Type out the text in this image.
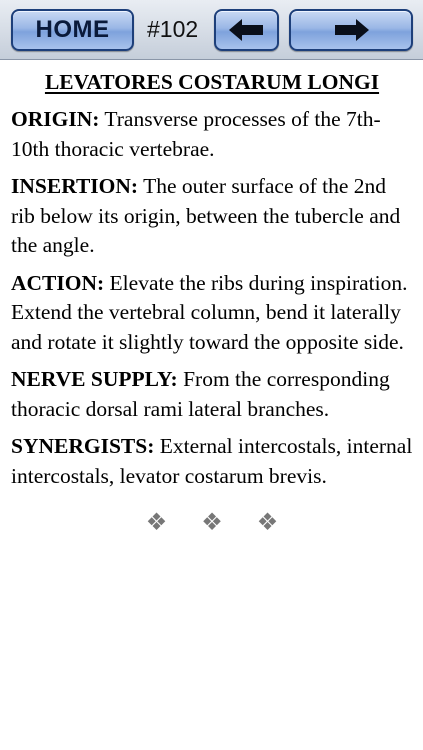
HOME #102
LEVATORES COSTARUM LONGI

ORIGIN: Transverse processes of the 7th-10th thoracic vertebrae.

INSERTION: The outer surface of the 2nd rib below its origin, between the tubercle and the angle.

ACTION: Elevate the ribs during inspiration. Extend the vertebral column, bend it laterally and rotate it slightly toward the opposite side.

NERVE SUPPLY: From the corresponding thoracic dorsal rami lateral branches.

SYNERGISTS: External intercostals, internal intercostals, levator costarum brevis.

❖ ❖ ❖
